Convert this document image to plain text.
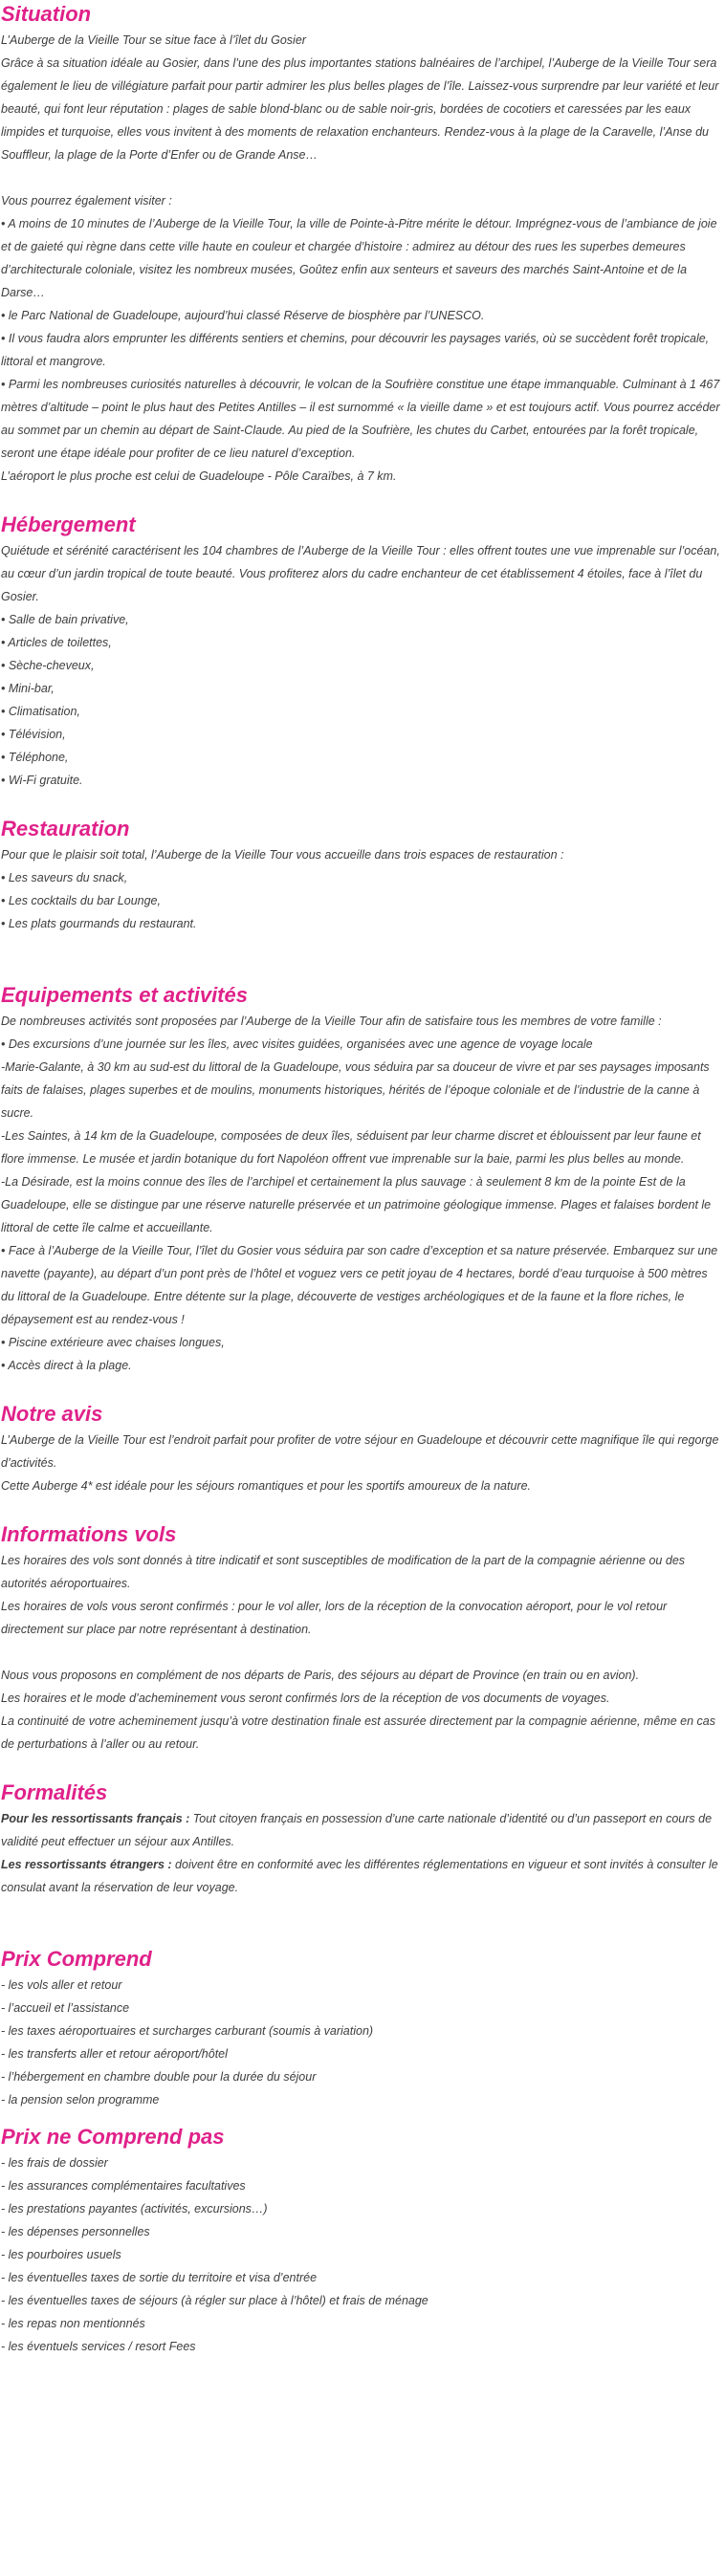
Situation

L’Auberge de la Vieille Tour se situe face à l’îlet du Gosier
Grâce à sa situation idéale au Gosier, dans l’une des plus importantes stations balnéaires de l’archipel, l’Auberge de la Vieille Tour sera également le lieu de villégiature parfait pour partir admirer les plus belles plages de l’île. Laissez-vous surprendre par leur variété et leur beauté, qui font leur réputation : plages de sable blond-blanc ou de sable noir-gris, bordées de cocotiers et caressées par les eaux limpides et turquoise, elles vous invitent à des moments de relaxation enchanteurs. Rendez-vous à la plage de la Caravelle, l’Anse du Souffleur, la plage de la Porte d’Enfer ou de Grande Anse…

Vous pourrez également visiter :
• A moins de 10 minutes de l’Auberge de la Vieille Tour, la ville de Pointe-à-Pitre mérite le détour. Imprégnez-vous de l’ambiance de joie et de gaieté qui règne dans cette ville haute en couleur et chargée d’histoire : admirez au détour des rues les superbes demeures d’architecturale coloniale, visitez les nombreux musées, Goûtez enfin aux senteurs et saveurs des marchés Saint-Antoine et de la Darse…
• le Parc National de Guadeloupe, aujourd’hui classé Réserve de biosphère par l’UNESCO.
• Il vous faudra alors emprunter les différents sentiers et chemins, pour découvrir les paysages variés, où se succèdent forêt tropicale, littoral et mangrove.
• Parmi les nombreuses curiosités naturelles à découvrir, le volcan de la Soufrière constitue une étape immanquable. Culminant à 1 467 mètres d’altitude – point le plus haut des Petites Antilles – il est surnommé « la vieille dame » et est toujours actif. Vous pourrez accéder au sommet par un chemin au départ de Saint-Claude. Au pied de la Soufrière, les chutes du Carbet, entourées par la forêt tropicale, seront une étape idéale pour profiter de ce lieu naturel d’exception.
L’aéroport le plus proche est celui de Guadeloupe - Pôle Caraïbes, à 7 km.

Hébergement

Quiétude et sérénité caractérisent les 104 chambres de l’Auberge de la Vieille Tour : elles offrent toutes une vue imprenable sur l’océan, au cœur d’un jardin tropical de toute beauté. Vous profiterez alors du cadre enchanteur de cet établissement 4 étoiles, face à l’îlet du Gosier.

• Salle de bain privative,
• Articles de toilettes,
• Sèche-cheveux,
• Mini-bar,
• Climatisation,
• Télévision,
• Téléphone,
• Wi-Fi gratuite.

Restauration

Pour que le plaisir soit total, l’Auberge de la Vieille Tour vous accueille dans trois espaces de restauration :

• Les saveurs du snack,
• Les cocktails du bar Lounge,
• Les plats gourmands du restaurant.

Equipements et activités

De nombreuses activités sont proposées par l’Auberge de la Vieille Tour afin de satisfaire tous les membres de votre famille :
• Des excursions d’une journée sur les îles, avec visites guidées, organisées avec une agence de voyage locale
-Marie-Galante, à 30 km au sud-est du littoral de la Guadeloupe, vous séduira par sa douceur de vivre et par ses paysages imposants faits de falaises, plages superbes et de moulins, monuments historiques, hérités de l’époque coloniale et de l’industrie de la canne à sucre.
-Les Saintes, à 14 km de la Guadeloupe, composées de deux îles, séduisent par leur charme discret et éblouissent par leur faune et flore immense. Le musée et jardin botanique du fort Napoléon offrent vue imprenable sur la baie, parmi les plus belles au monde.
-La Désirade, est la moins connue des îles de l’archipel et certainement la plus sauvage : à seulement 8 km de la pointe Est de la Guadeloupe, elle se distingue par une réserve naturelle préservée et un patrimoine géologique immense. Plages et falaises bordent le littoral de cette île calme et accueillante.
• Face à l’Auberge de la Vieille Tour, l’îlet du Gosier vous séduira par son cadre d’exception et sa nature préservée. Embarquez sur une navette (payante), au départ d’un pont près de l’hôtel et voguez vers ce petit joyau de 4 hectares, bordé d’eau turquoise à 500 mètres du littoral de la Guadeloupe. Entre détente sur la plage, découverte de vestiges archéologiques et de la faune et la flore riches, le dépaysement est au rendez-vous !
• Piscine extérieure avec chaises longues,
• Accès direct à la plage.

Notre avis

L’Auberge de la Vieille Tour est l’endroit parfait pour profiter de votre séjour en Guadeloupe et découvrir cette magnifique île qui regorge d’activités.
Cette Auberge 4* est idéale pour les séjours romantiques et pour les sportifs amoureux de la nature.

Informations vols

Les horaires des vols sont donnés à titre indicatif et sont susceptibles de modification de la part de la compagnie aérienne ou des autorités aéroportuaires.
Les horaires de vols vous seront confirmés : pour le vol aller, lors de la réception de la convocation aéroport, pour le vol retour directement sur place par notre représentant à destination.

Nous vous proposons en complément de nos départs de Paris, des séjours au départ de Province (en train ou en avion).
Les horaires et le mode d’acheminement vous seront confirmés lors de la réception de vos documents de voyages.
La continuité de votre acheminement jusqu’à votre destination finale est assurée directement par la compagnie aérienne, même en cas de perturbations à l’aller ou au retour.

Formalités

Pour les ressortissants français : Tout citoyen français en possession d’une carte nationale d’identité ou d’un passeport en cours de validité peut effectuer un séjour aux Antilles.

Les ressortissants étrangers : doivent être en conformité avec les différentes réglementations en vigueur et sont invités à consulter le consulat avant la réservation de leur voyage.

Prix Comprend

- les vols aller et retour
- l’accueil et l’assistance
- les taxes aéroportuaires et surcharges carburant (soumis à variation)
- les transferts aller et retour aéroport/hôtel
- l’hébergement en chambre double pour la durée du séjour
- la pension selon programme

Prix ne Comprend pas

- les frais de dossier
- les assurances complémentaires facultatives
- les prestations payantes (activités, excursions…)
- les dépenses personnelles
- les pourboires usuels
- les éventuelles taxes de sortie du territoire et visa d’entrée
- les éventuelles taxes de séjours (à régler sur place à l’hôtel) et frais de ménage
- les repas non mentionnés
- les éventuels services / resort Fees
